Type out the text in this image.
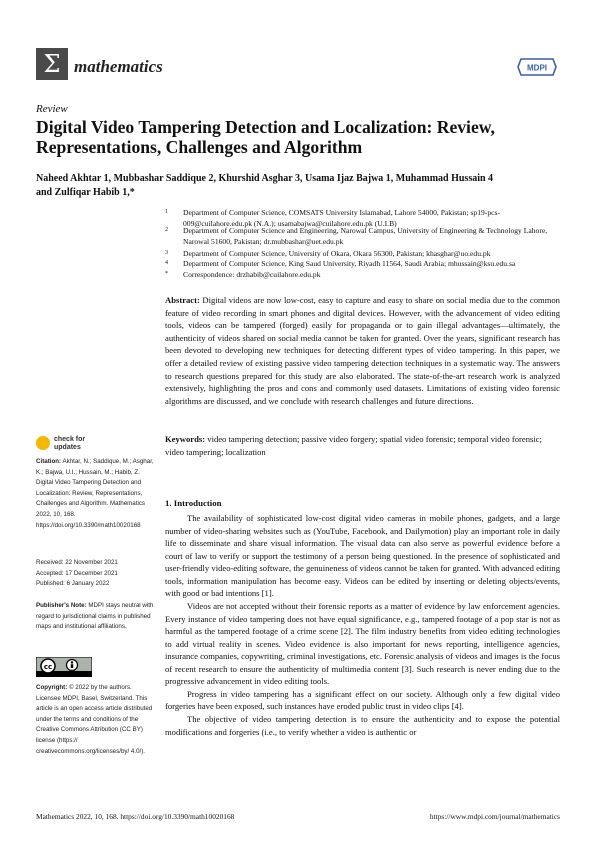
Σ mathematics	MDPI
Review
Digital Video Tampering Detection and Localization: Review, Representations, Challenges and Algorithm
Naheed Akhtar 1, Mubbashar Saddique 2, Khurshid Asghar 3, Usama Ijaz Bajwa 1, Muhammad Hussain 4
and Zulfiqar Habib 1,*
1	Department of Computer Science, COMSATS University Islamabad, Lahore 54000, Pakistan; sp19-pcs-009@cuilahore.edu.pk (N.A.); usamabajwa@cuilahore.edu.pk (U.I.B)
2	Department of Computer Science and Engineering, Narowal Campus, University of Engineering & Technology Lahore, Narowal 51600, Pakistan; dr.mubbashar@uet.edu.pk
3	Department of Computer Science, University of Okara, Okara 56300, Pakistan; khasghar@uo.edu.pk
4	Department of Computer Science, King Saud University, Riyadh 11564, Saudi Arabia; mhussain@ksu.edu.sa
*	Correspondence: drzhabib@cuilahore.edu.pk
Abstract: Digital videos are now low-cost, easy to capture and easy to share on social media due to the common feature of video recording in smart phones and digital devices. However, with the advancement of video editing tools, videos can be tampered (forged) easily for propaganda or to gain illegal advantages—ultimately, the authenticity of videos shared on social media cannot be taken for granted. Over the years, significant research has been devoted to developing new techniques for detecting different types of video tampering. In this paper, we offer a detailed review of existing passive video tampering detection techniques in a systematic way. The answers to research questions prepared for this study are also elaborated. The state-of-the-art research work is analyzed extensively, highlighting the pros and cons and commonly used datasets. Limitations of existing video forensic algorithms are discussed, and we conclude with research challenges and future directions.
Keywords: video tampering detection; passive video forgery; spatial video forensic; temporal video forensic; video tampering; localization
check for
updates
Citation: Akhtar, N.; Saddique, M.; Asghar, K.; Bajwa, U.I.; Hussain, M.; Habib, Z. Digital Video Tampering Detection and Localization: Review, Representations, Challenges and Algorithm. Mathematics 2022, 10, 168. https://doi.org/10.3390/math10020168
Received: 22 November 2021
Accepted: 17 December 2021
Published: 6 January 2022
Publisher's Note: MDPI stays neutral with regard to jurisdictional claims in published maps and institutional affiliations.
cc
Copyright: © 2022 by the authors. Licensee MDPI, Basel, Switzerland. This article is an open access article distributed under the terms and conditions of the Creative Commons Attribution (CC BY) license (https:// creativecommons.org/licenses/by/ 4.0/).
1. Introduction

The availability of sophisticated low-cost digital video cameras in mobile phones, gadgets, and a large number of video-sharing websites such as (YouTube, Facebook, and Dailymotion) play an important role in daily life to disseminate and share visual information. The visual data can also serve as powerful evidence before a court of law to verify or support the testimony of a person being questioned. In the presence of sophisticated and user-friendly video-editing software, the genuineness of videos cannot be taken for granted. With advanced editing tools, information manipulation has become easy. Videos can be edited by inserting or deleting objects/events, with good or bad intentions [1].

Videos are not accepted without their forensic reports as a matter of evidence by law enforcement agencies. Every instance of video tampering does not have equal significance, e.g., tampered footage of a pop star is not as harmful as the tampered footage of a crime scene [2]. The film industry benefits from video editing technologies to add virtual reality in scenes. Video evidence is also important for news reporting, intelligence agencies, insurance companies, copywriting, criminal investigations, etc. Forensic analysis of videos and images is the focus of recent research to ensure the authenticity of multimedia content [3]. Such research is never ending due to the progressive advancement in video editing tools.

Progress in video tampering has a significant effect on our society. Although only a few digital video forgeries have been exposed, such instances have eroded public trust in video clips [4].

The objective of video tampering detection is to ensure the authenticity and to expose the potential modifications and forgeries (i.e., to verify whether a video is authentic or

Mathematics 2022, 10, 168. https://doi.org/10.3390/math10020168	https://www.mdpi.com/journal/mathematics
